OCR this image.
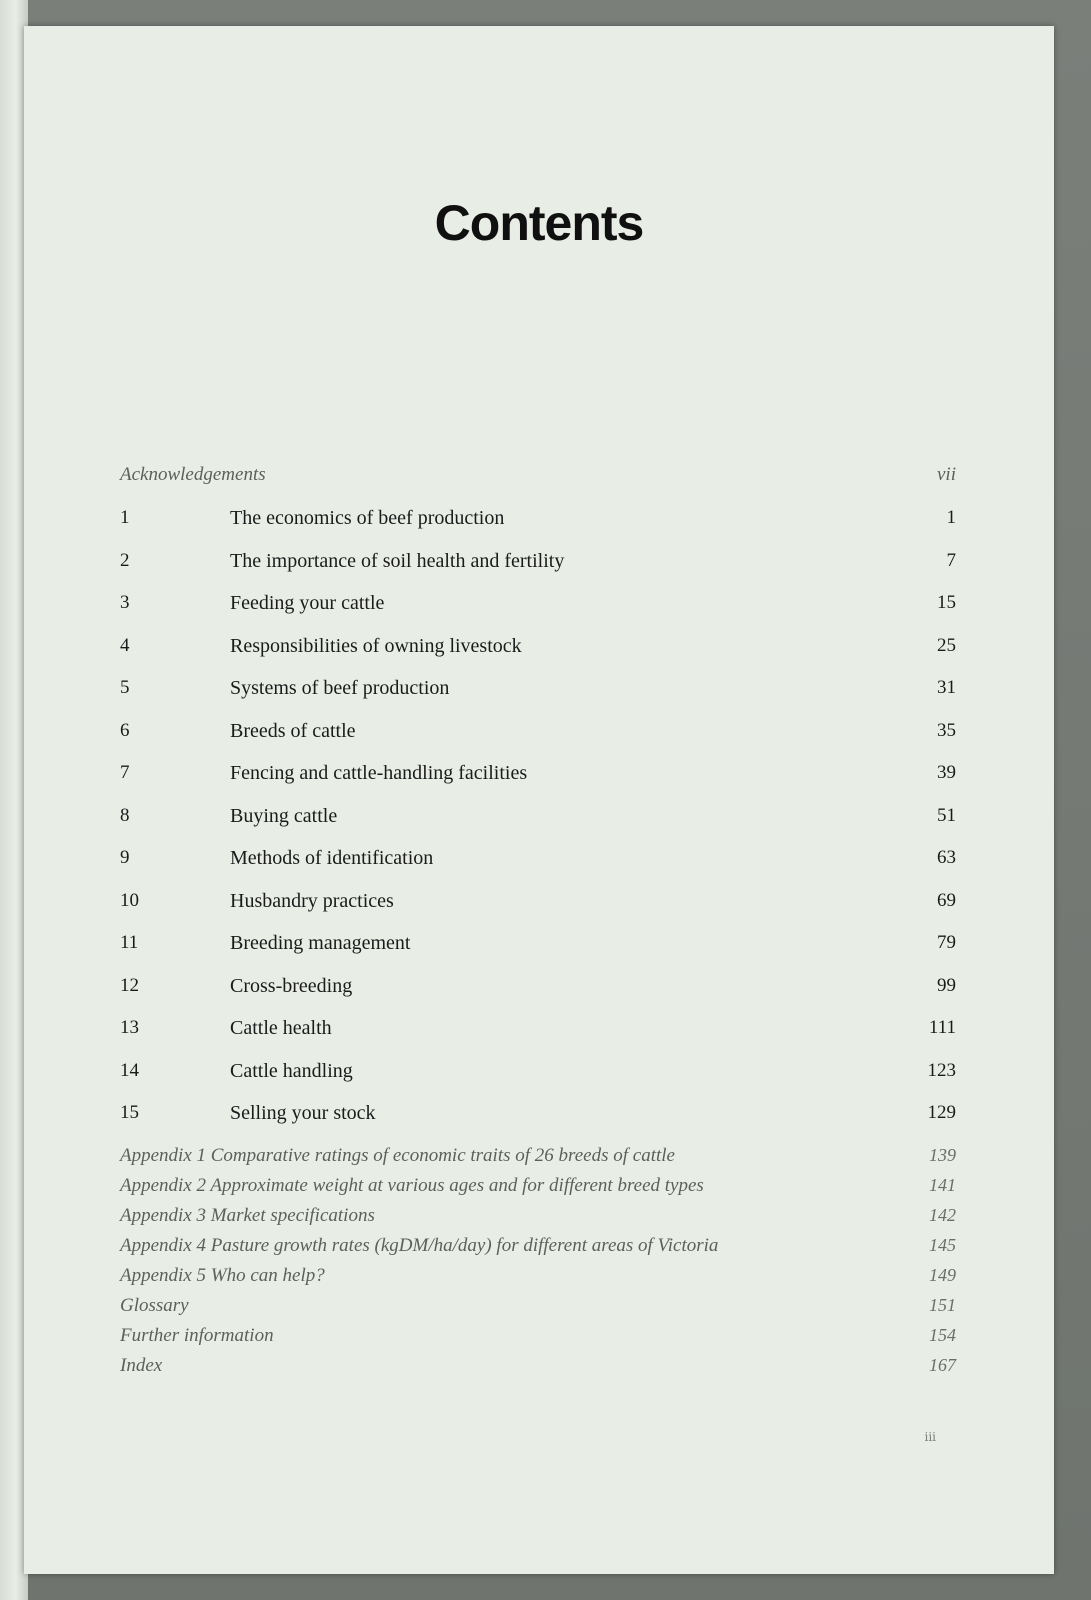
Contents
Acknowledgements	vii
1	The economics of beef production	1
2	The importance of soil health and fertility	7
3	Feeding your cattle	15
4	Responsibilities of owning livestock	25
5	Systems of beef production	31
6	Breeds of cattle	35
7	Fencing and cattle-handling facilities	39
8	Buying cattle	51
9	Methods of identification	63
10	Husbandry practices	69
11	Breeding management	79
12	Cross-breeding	99
13	Cattle health	111
14	Cattle handling	123
15	Selling your stock	129
Appendix 1 Comparative ratings of economic traits of 26 breeds of cattle	139
Appendix 2 Approximate weight at various ages and for different breed types	141
Appendix 3 Market specifications	142
Appendix 4 Pasture growth rates (kgDM/ha/day) for different areas of Victoria	145
Appendix 5 Who can help?	149
Glossary	151
Further information	154
Index	167
iii
